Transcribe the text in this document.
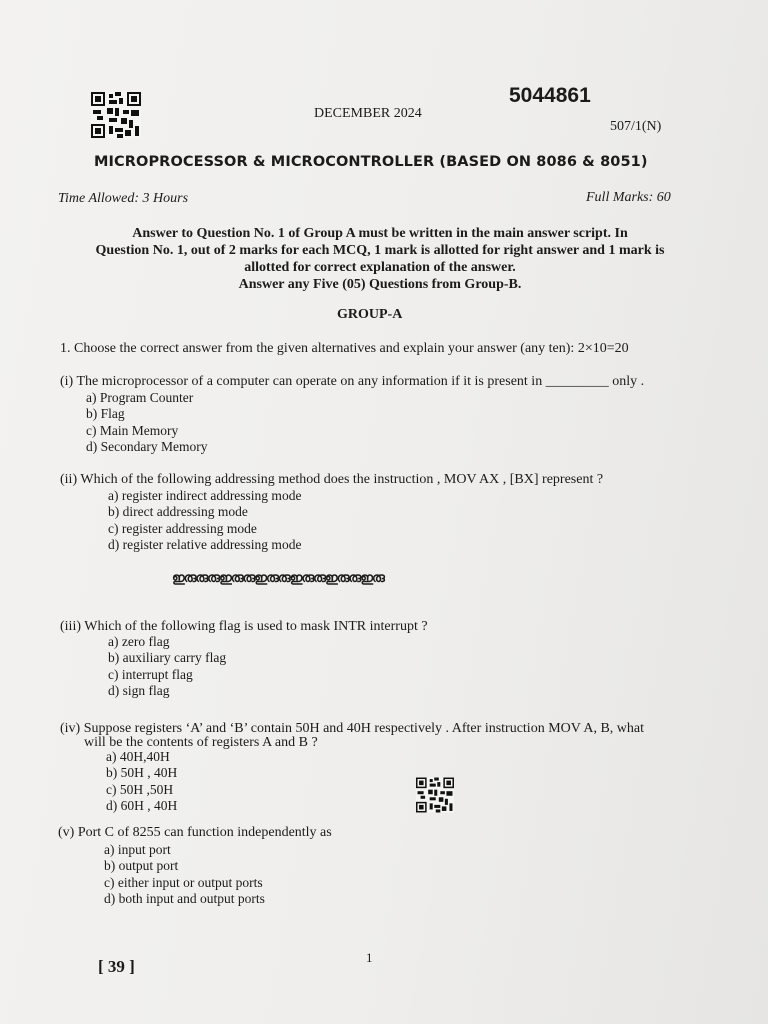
5044861
DECEMBER 2024
507/1(N)
MICROPROCESSOR & MICROCONTROLLER (BASED ON 8086 & 8051)
Time Allowed: 3 Hours	Full Marks: 60
Answer to Question No. 1 of Group A must be written in the main answer script. In
Question No. 1, out of 2 marks for each MCQ, 1 mark is allotted for right answer and 1 mark is
allotted for correct explanation of the answer.
Answer any Five (05) Questions from Group-B.
GROUP-A
1. Choose the correct answer from the given alternatives and explain your answer (any ten): 2×10=20
(i) The microprocessor of a computer can operate on any information if it is present in _________ only .
a) Program Counter
b) Flag
c) Main Memory
d) Secondary Memory
(ii) Which of the following addressing method does the instruction , MOV AX , [BX] represent ?
a) register indirect addressing mode
b) direct addressing mode
c) register addressing mode
d) register relative addressing mode
ഇരുരുരുഇരുരുഇരുരുഇരുരുഇരുരുഇരു
(iii) Which of the following flag is used to mask INTR interrupt ?
a) zero flag
b) auxiliary carry flag
c) interrupt flag
d) sign flag
(iv) Suppose registers ‘A’ and ‘B’ contain 50H and 40H respectively . After instruction MOV A, B, what
will be the contents of registers A and B ?
a) 40H,40H
b) 50H , 40H
c) 50H ,50H
d) 60H , 40H
(v) Port C of 8255 can function independently as
a) input port
b) output port
c) either input or output ports
d) both input and output ports
[ 39 ]	1
